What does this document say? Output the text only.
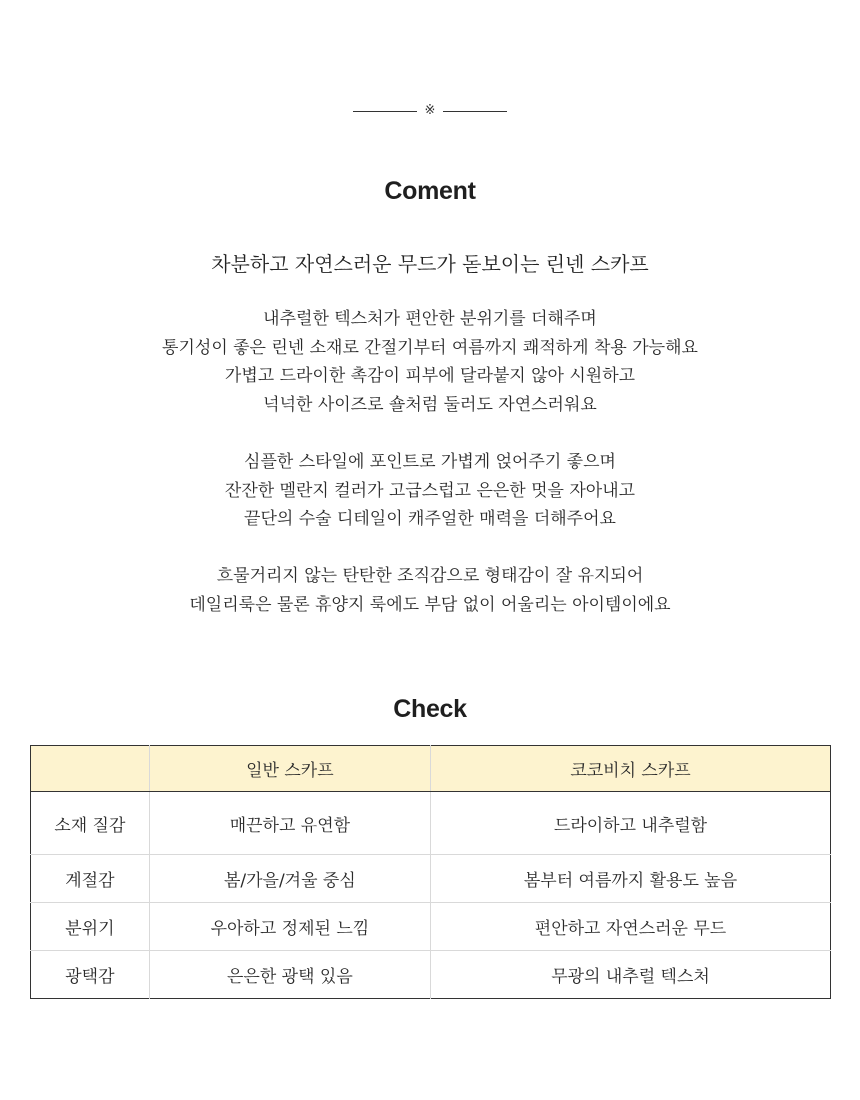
※
Coment
차분하고 자연스러운 무드가 돋보이는 린넨 스카프
내추럴한 텍스처가 편안한 분위기를 더해주며
통기성이 좋은 린넨 소재로 간절기부터 여름까지 쾌적하게 착용 가능해요
가볍고 드라이한 촉감이 피부에 달라붙지 않아 시원하고
넉넉한 사이즈로 숄처럼 둘러도 자연스러워요
심플한 스타일에 포인트로 가볍게 얹어주기 좋으며
잔잔한 멜란지 컬러가 고급스럽고 은은한 멋을 자아내고
끝단의 수술 디테일이 캐주얼한 매력을 더해주어요
흐물거리지 않는 탄탄한 조직감으로 형태감이 잘 유지되어
데일리룩은 물론 휴양지 룩에도 부담 없이 어울리는 아이템이에요
Check
	일반 스카프	코코비치 스카프
소재 질감	매끈하고 유연함	드라이하고 내추럴함
계절감	봄/가을/겨울 중심	봄부터 여름까지 활용도 높음
분위기	우아하고 정제된 느낌	편안하고 자연스러운 무드
광택감	은은한 광택 있음	무광의 내추럴 텍스처
